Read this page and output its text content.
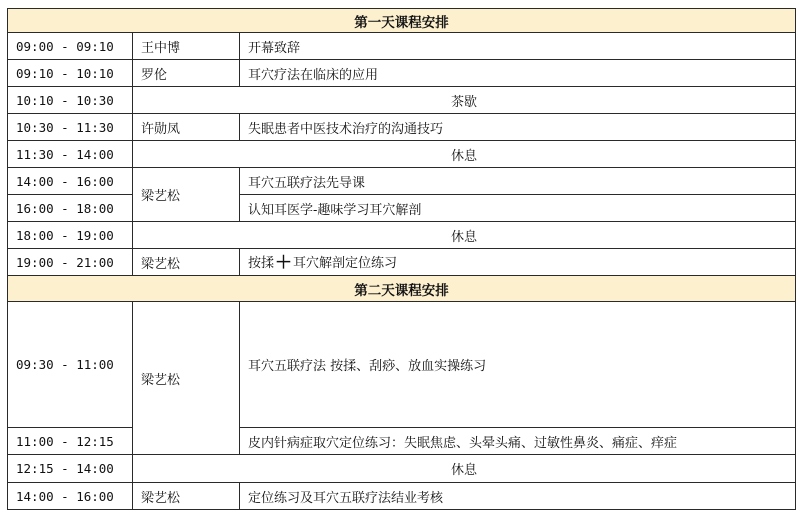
第一天课程安排		
09:00 - 09:10	王中博	开幕致辞
09:10 - 10:10	罗伦	耳穴疗法在临床的应用
10:10 - 10:30	茶歇	
10:30 - 11:30	许勋凤	失眠患者中医技术治疗的沟通技巧
11:30 - 14:00	休息	
14:00 - 16:00	梁艺松	耳穴五联疗法先导课
16:00 - 18:00		认知耳医学-趣味学习耳穴解剖
18:00 - 19:00	休息	
19:00 - 21:00	梁艺松	按揉＋耳穴解剖定位练习
第二天课程安排		
09:30 - 11:00	梁艺松	耳穴五联疗法 按揉、刮痧、放血实操练习
11:00 - 12:15		皮内针病症取穴定位练习：失眠焦虑、头晕头痛、过敏性鼻炎、痛症、痒症
12:15 - 14:00	休息	
14:00 - 16:00	梁艺松	定位练习及耳穴五联疗法结业考核
